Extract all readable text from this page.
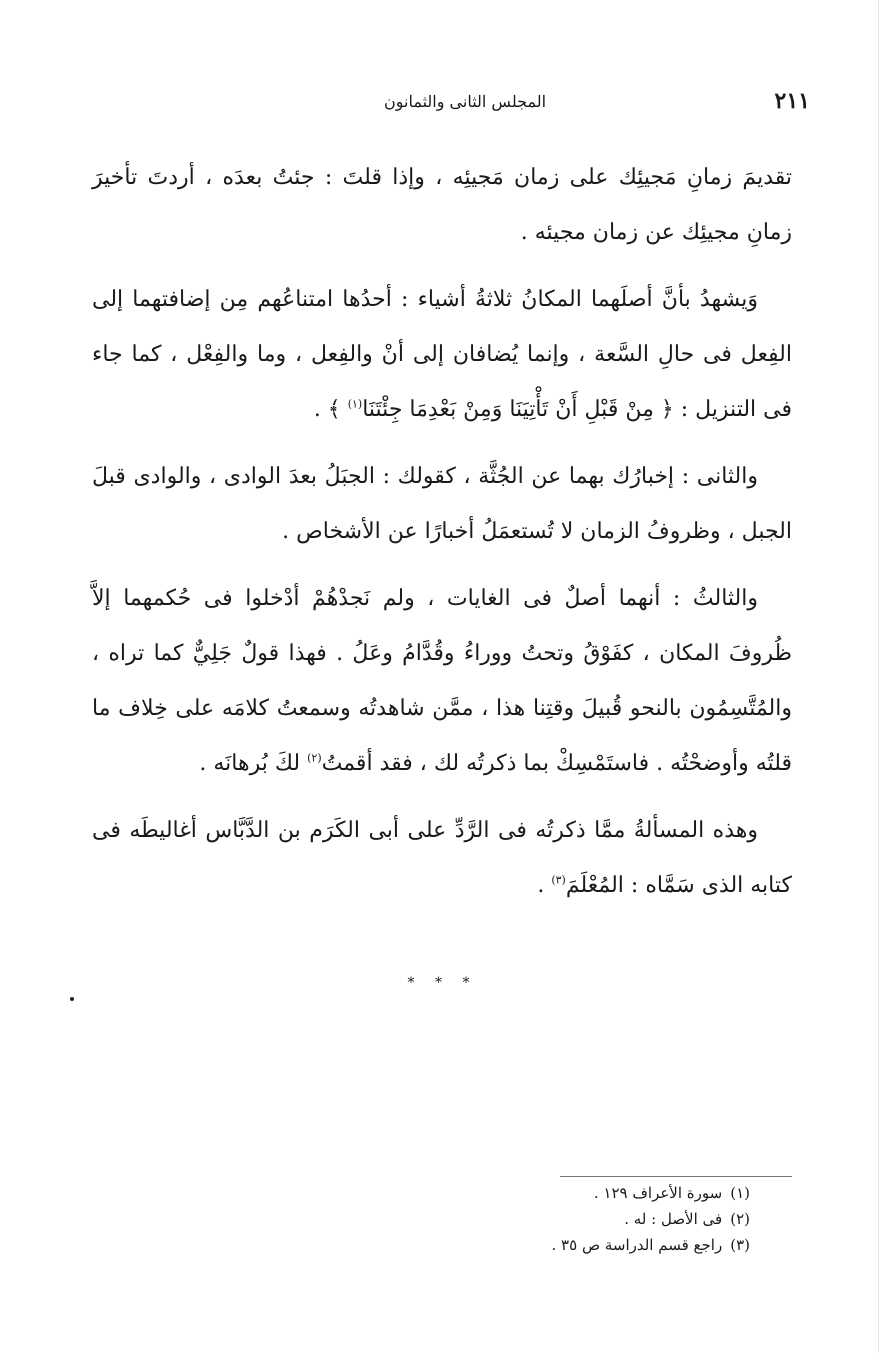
٢١١
المجلس الثانى والثمانون

تقديمَ زمانِ مَجيئِك على زمان مَجيئِه ، وإذا قلتَ : جئتُ بعدَه ، أردتَ تأخيرَ زمانِ مجيئِك عن زمان مجيئه .

وَيشهدُ بأنَّ أصلَهما المكانُ ثلاثةُ أشياء : أحدُها امتناعُهم مِن إضافتهما إلى الفِعل فى حالِ السَّعة ، وإنما يُضافان إلى أنْ والفِعل ، وما والفِعْل ، كما جاء فى التنزيل : ﴿ مِنْ قَبْلِ أَنْ تَأْتِيَنَا وَمِنْ بَعْدِمَا جِئْتَنَا$^{(١)}$ ﴾ .

والثانى : إخبارُك بهما عن الجُثَّة ، كقولك : الجبَلُ بعدَ الوادى ، والوادى قبلَ الجبل ، وظروفُ الزمان لا تُستعمَلُ أخبارًا عن الأشخاص .

والثالثُ : أنهما أصلٌ فى الغايات ، ولم نَجدْهُمْ أدْخلوا فى حُكمهما إلاَّ ظُروفَ المكان ، كفَوْقُ وتحتُ ووراءُ وقُدَّامُ وعَلُ . فهذا قولٌ جَلِيٌّ كما تراه ، والمُتَّسِمُون بالنحو قُبيلَ وقتِنا هذا ، ممَّن شاهدتُه وسمعتُ كلامَه على خِلاف ما قلتُه وأوضحْتُه . فاستَمْسِكْ بما ذكرتُه لك ، فقد أقمتُ$^{(٢)}$ لكَ بُرهانَه .

وهذه المسألةُ ممَّا ذكرتُه فى الرَّدِّ على أبى الكَرَم بن الدَّبَّاس أغاليطَه فى كتابه الذى سَمَّاه : المُعْلَمَ$^{(٣)}$ .

* * *
(١)سورة الأعراف ١٢٩ .
(٢)فى الأصل : له .
(٣)راجع قسم الدراسة ص ٣٥ .
